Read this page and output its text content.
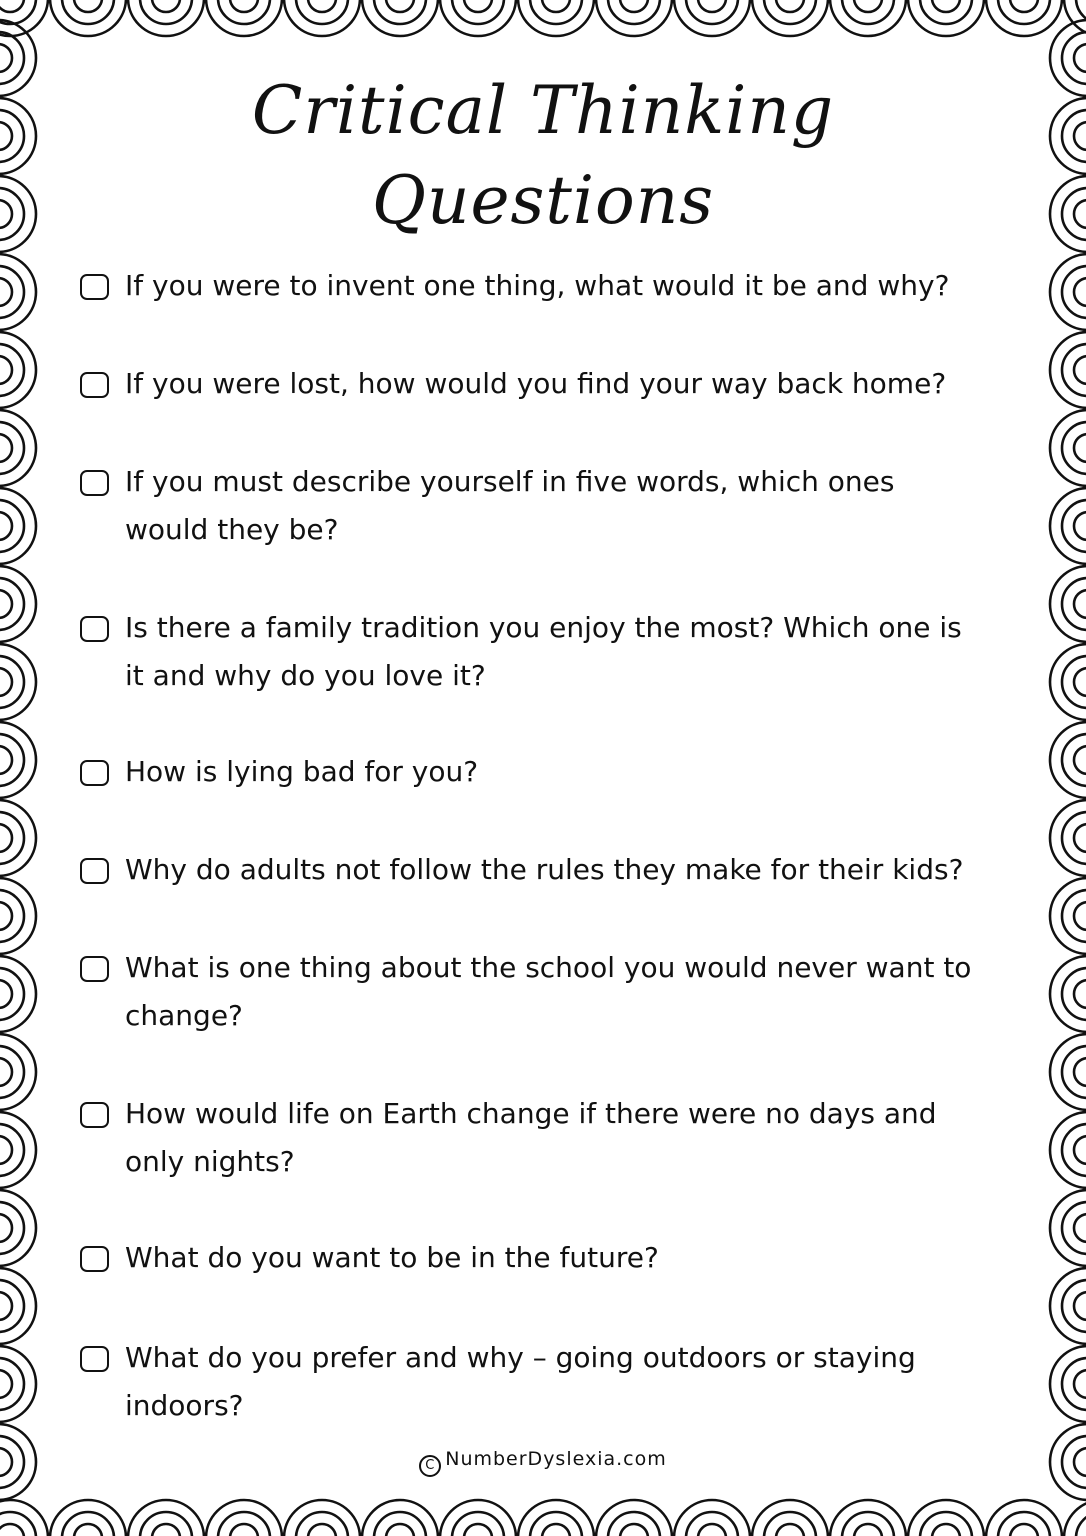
Critical Thinking
Questions
If you were to invent one thing, what would it be and why?
If you were lost, how would you find your way back home?
If you must describe yourself in five words, which ones would they be?
Is there a family tradition you enjoy the most? Which one is it and why do you love it?
How is lying bad for you?
Why do adults not follow the rules they make for their kids?
What is one thing about the school you would never want to change?
How would life on Earth change if there were no days and only nights?
What do you want to be in the future?
What do you prefer and why – going outdoors or staying indoors?
C NumberDyslexia.com
